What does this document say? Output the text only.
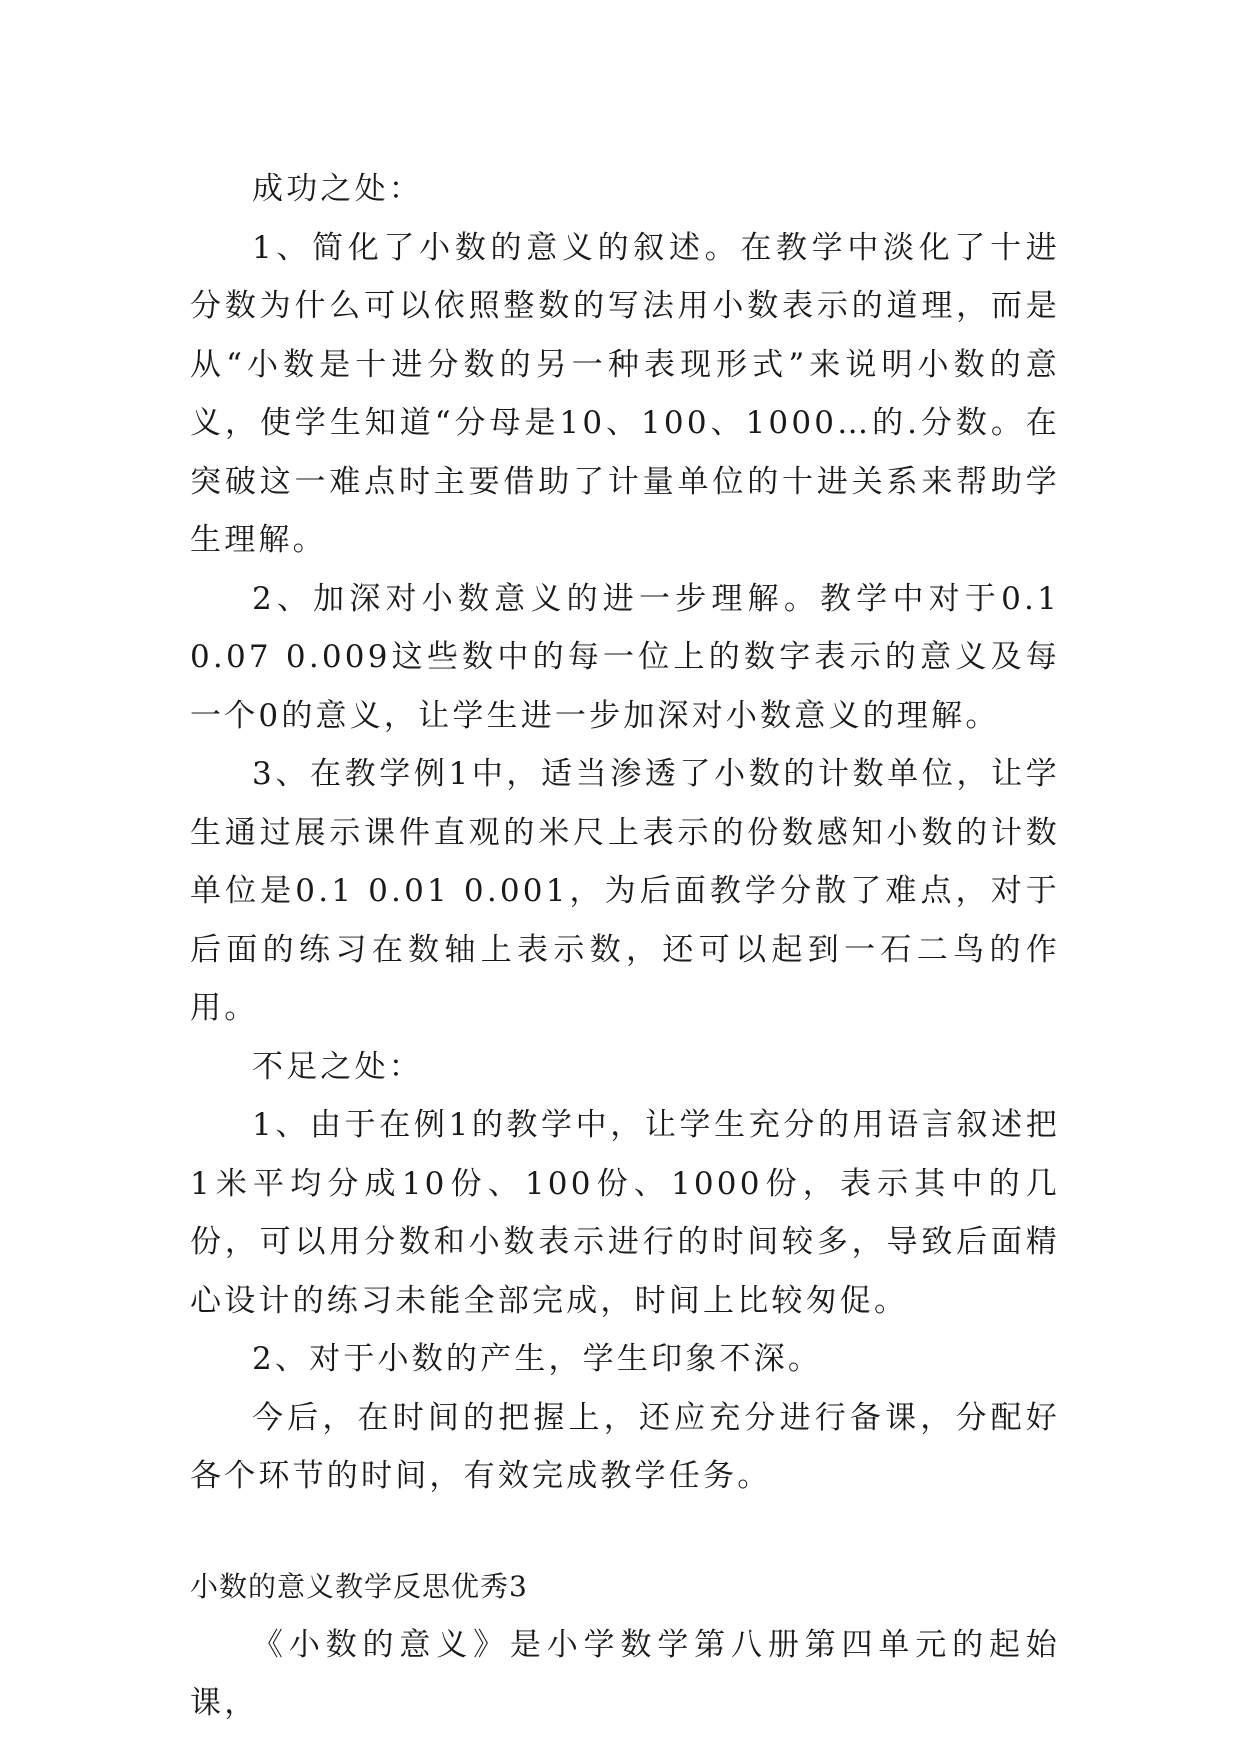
成功之处：

1、简化了小数的意义的叙述。在教学中淡化了十进分数为什么可以依照整数的写法用小数表示的道理，而是从“小数是十进分数的另一种表现形式”来说明小数的意义，使学生知道“分母是10、100、1000…的.分数。在突破这一难点时主要借助了计量单位的十进关系来帮助学生理解。

2、加深对小数意义的进一步理解。教学中对于0.1 0.07 0.009这些数中的每一位上的数字表示的意义及每一个0的意义，让学生进一步加深对小数意义的理解。

3、在教学例1中，适当渗透了小数的计数单位，让学生通过展示课件直观的米尺上表示的份数感知小数的计数单位是0.1 0.01 0.001，为后面教学分散了难点，对于后面的练习在数轴上表示数，还可以起到一石二鸟的作用。

不足之处：

1、由于在例1的教学中，让学生充分的用语言叙述把1米平均分成10份、100份、1000份，表示其中的几份，可以用分数和小数表示进行的时间较多，导致后面精心设计的练习未能全部完成，时间上比较匆促。

2、对于小数的产生，学生印象不深。

今后，在时间的把握上，还应充分进行备课，分配好各个环节的时间，有效完成教学任务。

小数的意义教学反思优秀3

《小数的意义》是小学数学第八册第四单元的起始课，
